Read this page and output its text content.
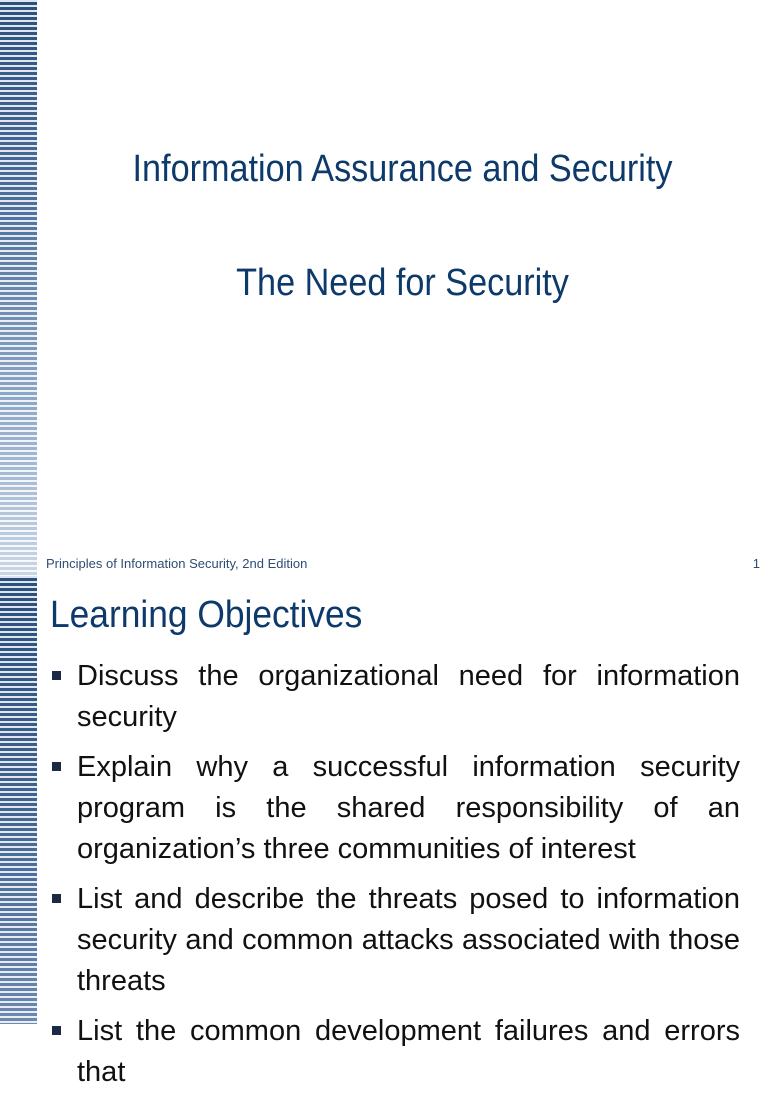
Information Assurance and Security
The Need for Security
Principles of Information Security, 2nd Edition	1
Learning Objectives
Discuss the organizational need for information security
Explain why a successful information security program is the shared responsibility of an organization’s three communities of interest
List and describe the threats posed to information security and common attacks associated with those threats
List the common development failures and errors that
